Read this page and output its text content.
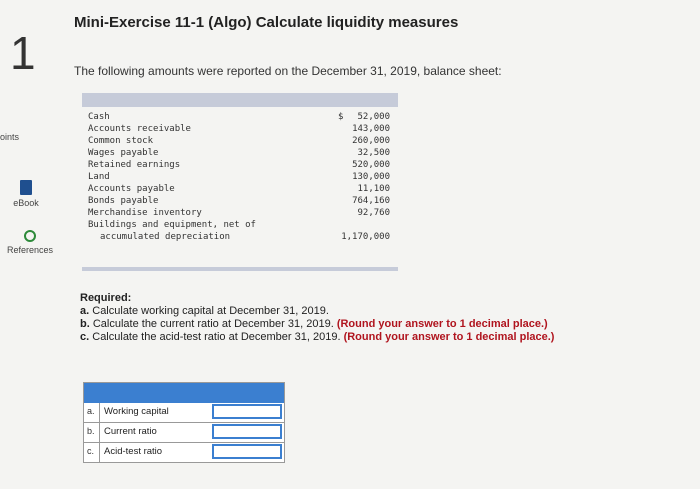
1
oints
eBook
References
Mini-Exercise 11-1 (Algo) Calculate liquidity measures
The following amounts were reported on the December 31, 2019, balance sheet:
Cash	$ 52,000
Accounts receivable	143,000
Common stock	260,000
Wages payable	32,500
Retained earnings	520,000
Land	130,000
Accounts payable	11,100
Bonds payable	764,160
Merchandise inventory	92,760
Buildings and equipment, net of
accumulated depreciation	1,170,000
Required:
a. Calculate working capital at December 31, 2019.
b. Calculate the current ratio at December 31, 2019. (Round your answer to 1 decimal place.)
c. Calculate the acid-test ratio at December 31, 2019. (Round your answer to 1 decimal place.)
a. Working capital
b. Current ratio
c. Acid-test ratio
